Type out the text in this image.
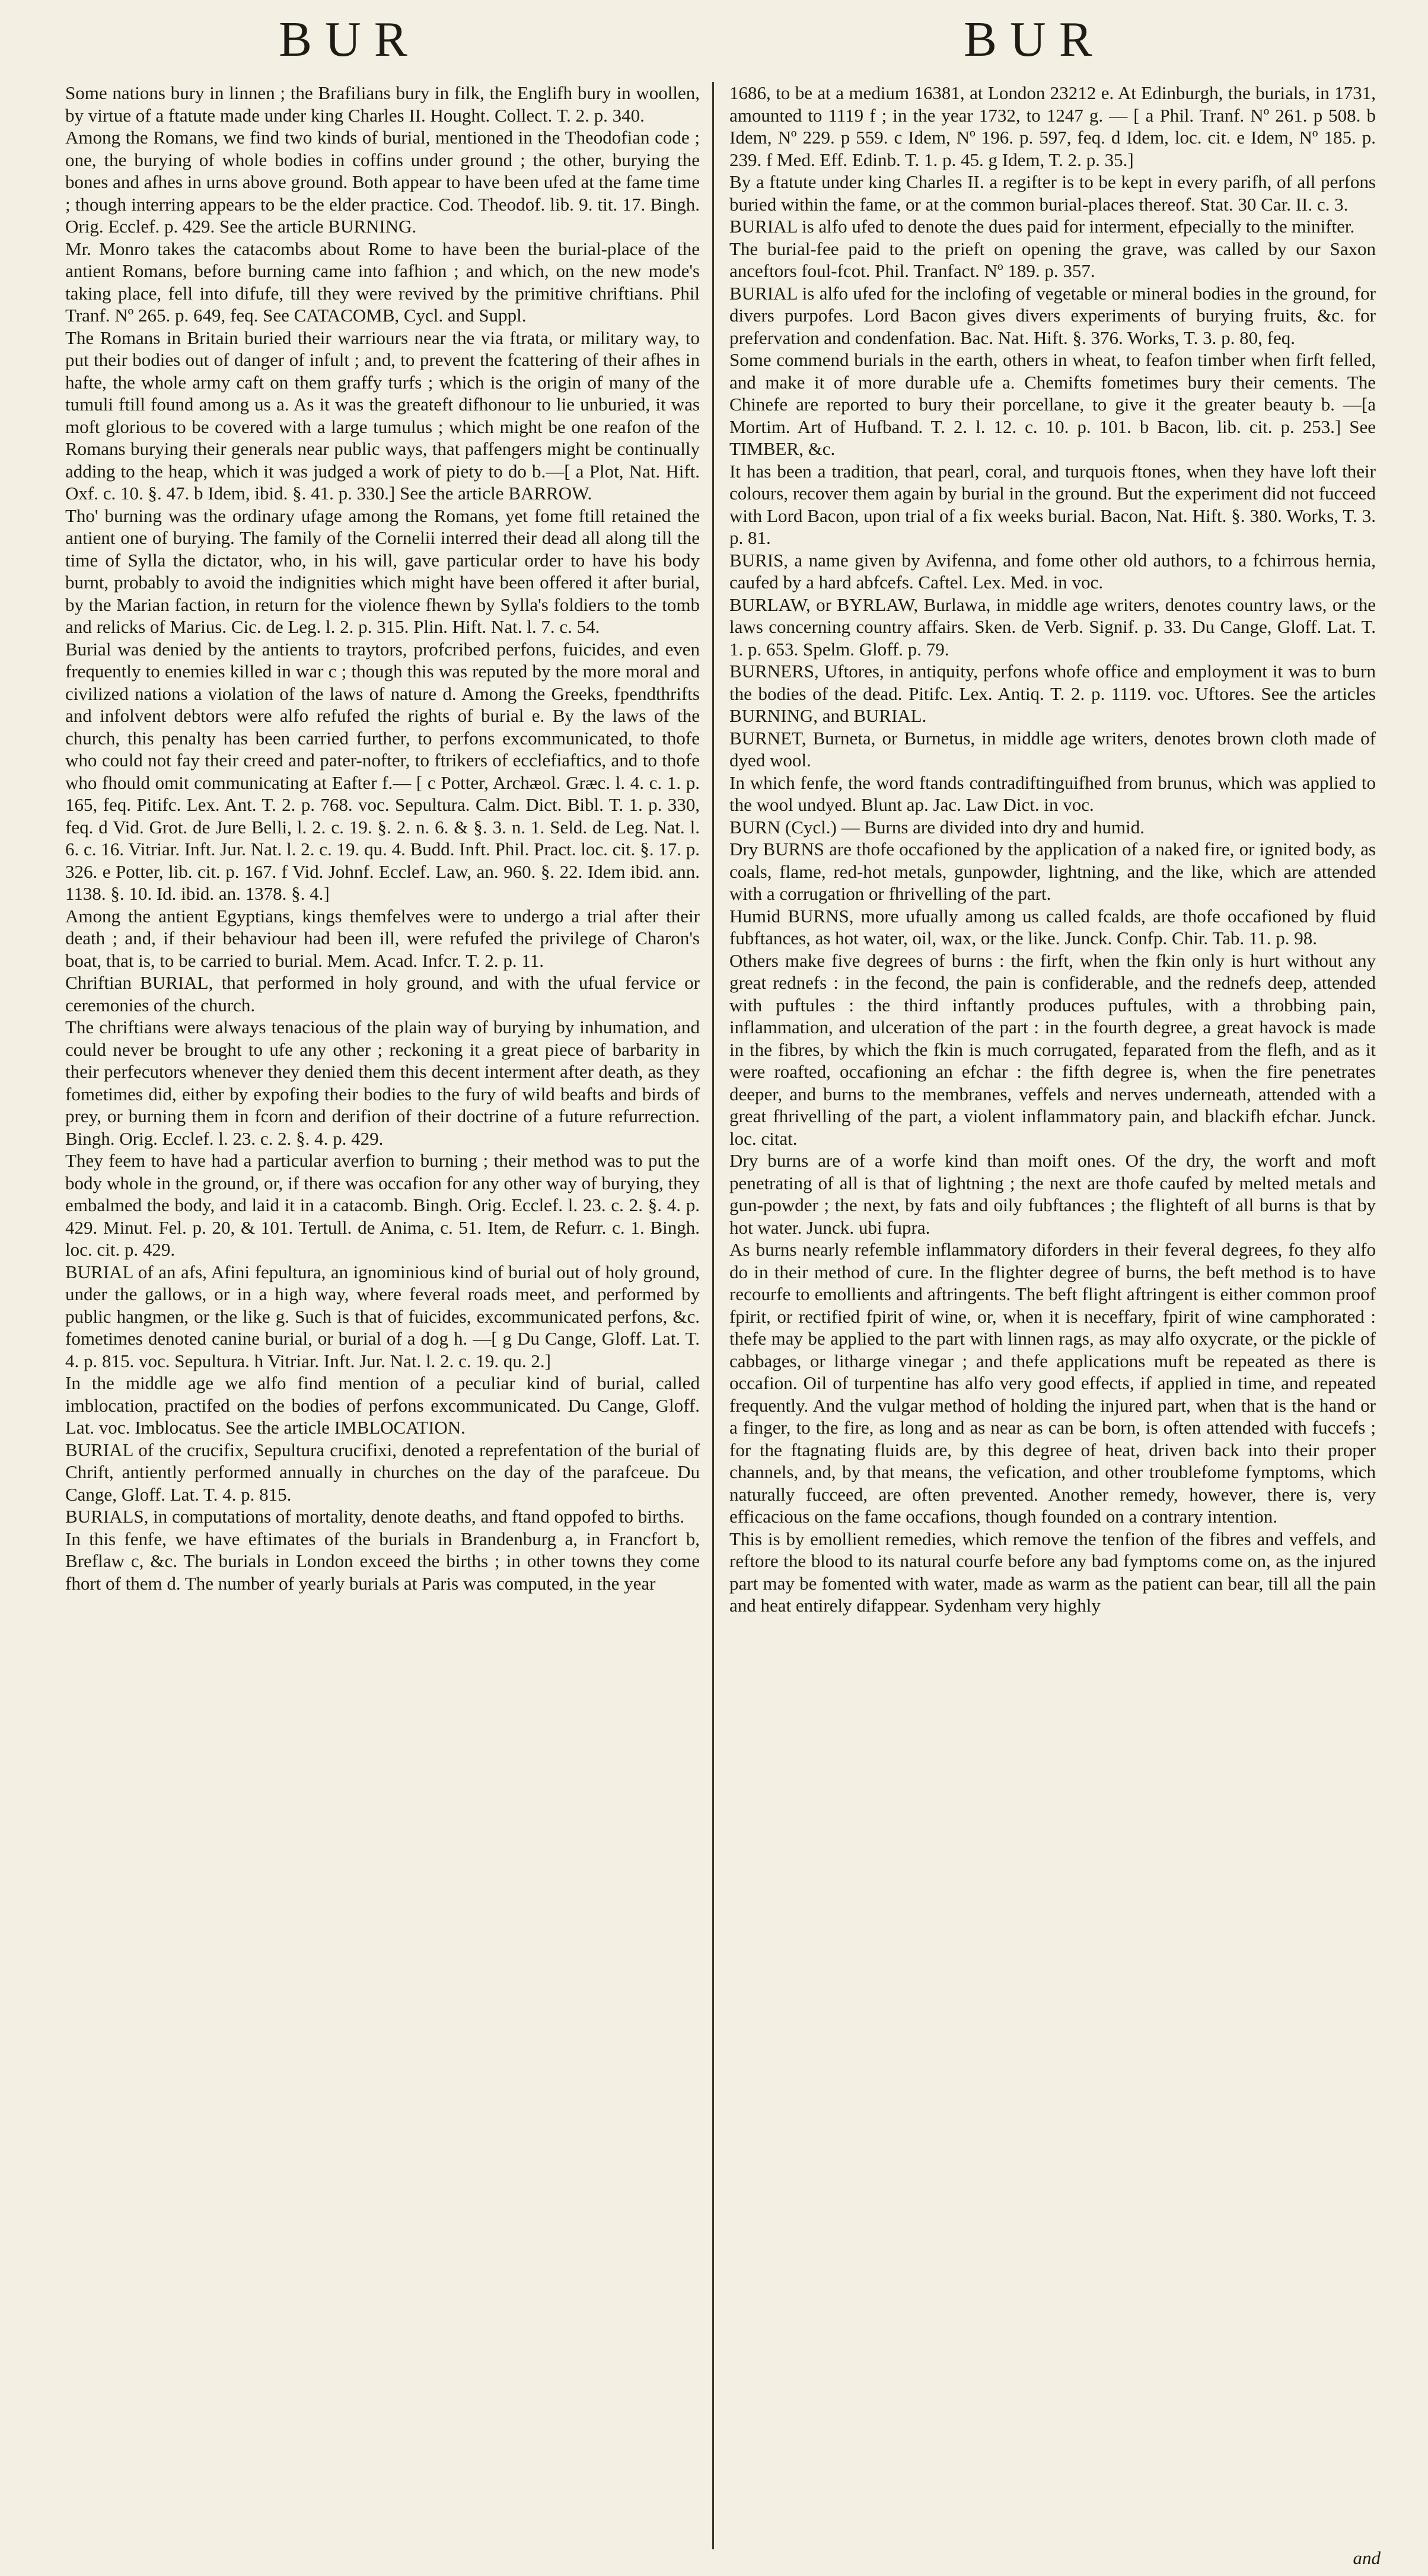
BUR	BUR

Some nations bury in linnen ; the Brafilians bury in filk, the Englifh bury in woollen, by virtue of a ftatute made under king Charles II. Hought. Collect. T. 2. p. 340.

Among the Romans, we find two kinds of burial, mentioned in the Theodofian code ; one, the burying of whole bodies in coffins under ground ; the other, burying the bones and afhes in urns above ground. Both appear to have been ufed at the fame time ; though interring appears to be the elder practice. Cod. Theodof. lib. 9. tit. 17. Bingh. Orig. Ecclef. p. 429. See the article BURNING.

Mr. Monro takes the catacombs about Rome to have been the burial-place of the antient Romans, before burning came into fafhion ; and which, on the new mode's taking place, fell into difufe, till they were revived by the primitive chriftians. Phil Tranf. Nº 265. p. 649, feq. See CATACOMB, Cycl. and Suppl.

The Romans in Britain buried their warriours near the via ftrata, or military way, to put their bodies out of danger of infult ; and, to prevent the fcattering of their afhes in hafte, the whole army caft on them graffy turfs ; which is the origin of many of the tumuli ftill found among us a. As it was the greateft difhonour to lie unburied, it was moft glorious to be covered with a large tumulus ; which might be one reafon of the Romans burying their generals near public ways, that paffengers might be continually adding to the heap, which it was judged a work of piety to do b.—[ a Plot, Nat. Hift. Oxf. c. 10. §. 47. b Idem, ibid. §. 41. p. 330.] See the article BARROW.

Tho' burning was the ordinary ufage among the Romans, yet fome ftill retained the antient one of burying. The family of the Cornelii interred their dead all along till the time of Sylla the dictator, who, in his will, gave particular order to have his body burnt, probably to avoid the indignities which might have been offered it after burial, by the Marian faction, in return for the violence fhewn by Sylla's foldiers to the tomb and relicks of Marius. Cic. de Leg. l. 2. p. 315. Plin. Hift. Nat. l. 7. c. 54.

Burial was denied by the antients to traytors, profcribed perfons, fuicides, and even frequently to enemies killed in war c ; though this was reputed by the more moral and civilized nations a violation of the laws of nature d. Among the Greeks, fpendthrifts and infolvent debtors were alfo refufed the rights of burial e. By the laws of the church, this penalty has been carried further, to perfons excommunicated, to thofe who could not fay their creed and pater-nofter, to ftrikers of ecclefiaftics, and to thofe who fhould omit communicating at Eafter f.— [ c Potter, Archæol. Græc. l. 4. c. 1. p. 165, feq. Pitifc. Lex. Ant. T. 2. p. 768. voc. Sepultura. Calm. Dict. Bibl. T. 1. p. 330, feq. d Vid. Grot. de Jure Belli, l. 2. c. 19. §. 2. n. 6. & §. 3. n. 1. Seld. de Leg. Nat. l. 6. c. 16. Vitriar. Inft. Jur. Nat. l. 2. c. 19. qu. 4. Budd. Inft. Phil. Pract. loc. cit. §. 17. p. 326. e Potter, lib. cit. p. 167. f Vid. Johnf. Ecclef. Law, an. 960. §. 22. Idem ibid. ann. 1138. §. 10. Id. ibid. an. 1378. §. 4.]

Among the antient Egyptians, kings themfelves were to undergo a trial after their death ; and, if their behaviour had been ill, were refufed the privilege of Charon's boat, that is, to be carried to burial. Mem. Acad. Infcr. T. 2. p. 11.

Chriftian BURIAL, that performed in holy ground, and with the ufual fervice or ceremonies of the church.

The chriftians were always tenacious of the plain way of burying by inhumation, and could never be brought to ufe any other ; reckoning it a great piece of barbarity in their perfecutors whenever they denied them this decent interment after death, as they fometimes did, either by expofing their bodies to the fury of wild beafts and birds of prey, or burning them in fcorn and derifion of their doctrine of a future refurrection. Bingh. Orig. Ecclef. l. 23. c. 2. §. 4. p. 429.

They feem to have had a particular averfion to burning ; their method was to put the body whole in the ground, or, if there was occafion for any other way of burying, they embalmed the body, and laid it in a catacomb. Bingh. Orig. Ecclef. l. 23. c. 2. §. 4. p. 429. Minut. Fel. p. 20, & 101. Tertull. de Anima, c. 51. Item, de Refurr. c. 1. Bingh. loc. cit. p. 429.

BURIAL of an afs, Afini fepultura, an ignominious kind of burial out of holy ground, under the gallows, or in a high way, where feveral roads meet, and performed by public hangmen, or the like g. Such is that of fuicides, excommunicated perfons, &c. fometimes denoted canine burial, or burial of a dog h. —[ g Du Cange, Gloff. Lat. T. 4. p. 815. voc. Sepultura. h Vitriar. Inft. Jur. Nat. l. 2. c. 19. qu. 2.]

In the middle age we alfo find mention of a peculiar kind of burial, called imblocation, practifed on the bodies of perfons excommunicated. Du Cange, Gloff. Lat. voc. Imblocatus. See the article IMBLOCATION.

BURIAL of the crucifix, Sepultura crucifixi, denoted a reprefentation of the burial of Chrift, antiently performed annually in churches on the day of the parafceue. Du Cange, Gloff. Lat. T. 4. p. 815.

BURIALS, in computations of mortality, denote deaths, and ftand oppofed to births.

In this fenfe, we have eftimates of the burials in Brandenburg a, in Francfort b, Breflaw c, &c. The burials in London exceed the births ; in other towns they come fhort of them d. The number of yearly burials at Paris was computed, in the year

1686, to be at a medium 16381, at London 23212 e. At Edinburgh, the burials, in 1731, amounted to 1119 f ; in the year 1732, to 1247 g. — [ a Phil. Tranf. Nº 261. p 508. b Idem, Nº 229. p 559. c Idem, Nº 196. p. 597, feq. d Idem, loc. cit. e Idem, Nº 185. p. 239. f Med. Eff. Edinb. T. 1. p. 45. g Idem, T. 2. p. 35.]

By a ftatute under king Charles II. a regifter is to be kept in every parifh, of all perfons buried within the fame, or at the common burial-places thereof. Stat. 30 Car. II. c. 3.

BURIAL is alfo ufed to denote the dues paid for interment, efpecially to the minifter.

The burial-fee paid to the prieft on opening the grave, was called by our Saxon anceftors foul-fcot. Phil. Tranfact. Nº 189. p. 357.

BURIAL is alfo ufed for the inclofing of vegetable or mineral bodies in the ground, for divers purpofes. Lord Bacon gives divers experiments of burying fruits, &c. for prefervation and condenfation. Bac. Nat. Hift. §. 376. Works, T. 3. p. 80, feq.

Some commend burials in the earth, others in wheat, to feafon timber when firft felled, and make it of more durable ufe a. Chemifts fometimes bury their cements. The Chinefe are reported to bury their porcellane, to give it the greater beauty b. —[a Mortim. Art of Hufband. T. 2. l. 12. c. 10. p. 101. b Bacon, lib. cit. p. 253.] See TIMBER, &c.

It has been a tradition, that pearl, coral, and turquois ftones, when they have loft their colours, recover them again by burial in the ground. But the experiment did not fucceed with Lord Bacon, upon trial of a fix weeks burial. Bacon, Nat. Hift. §. 380. Works, T. 3. p. 81.

BURIS, a name given by Avifenna, and fome other old authors, to a fchirrous hernia, caufed by a hard abfcefs. Caftel. Lex. Med. in voc.

BURLAW, or BYRLAW, Burlawa, in middle age writers, denotes country laws, or the laws concerning country affairs. Sken. de Verb. Signif. p. 33. Du Cange, Gloff. Lat. T. 1. p. 653. Spelm. Gloff. p. 79.

BURNERS, Uftores, in antiquity, perfons whofe office and employment it was to burn the bodies of the dead. Pitifc. Lex. Antiq. T. 2. p. 1119. voc. Uftores. See the articles BURNING, and BURIAL.

BURNET, Burneta, or Burnetus, in middle age writers, denotes brown cloth made of dyed wool.

In which fenfe, the word ftands contradiftinguifhed from brunus, which was applied to the wool undyed. Blunt ap. Jac. Law Dict. in voc.

BURN (Cycl.) — Burns are divided into dry and humid.

Dry BURNS are thofe occafioned by the application of a naked fire, or ignited body, as coals, flame, red-hot metals, gunpowder, lightning, and the like, which are attended with a corrugation or fhrivelling of the part.

Humid BURNS, more ufually among us called fcalds, are thofe occafioned by fluid fubftances, as hot water, oil, wax, or the like. Junck. Confp. Chir. Tab. 11. p. 98.

Others make five degrees of burns : the firft, when the fkin only is hurt without any great rednefs : in the fecond, the pain is confiderable, and the rednefs deep, attended with puftules : the third inftantly produces puftules, with a throbbing pain, inflammation, and ulceration of the part : in the fourth degree, a great havock is made in the fibres, by which the fkin is much corrugated, feparated from the flefh, and as it were roafted, occafioning an efchar : the fifth degree is, when the fire penetrates deeper, and burns to the membranes, veffels and nerves underneath, attended with a great fhrivelling of the part, a violent inflammatory pain, and blackifh efchar. Junck. loc. citat.

Dry burns are of a worfe kind than moift ones. Of the dry, the worft and moft penetrating of all is that of lightning ; the next are thofe caufed by melted metals and gun-powder ; the next, by fats and oily fubftances ; the flighteft of all burns is that by hot water. Junck. ubi fupra.

As burns nearly refemble inflammatory diforders in their feveral degrees, fo they alfo do in their method of cure. In the flighter degree of burns, the beft method is to have recourfe to emollients and aftringents. The beft flight aftringent is either common proof fpirit, or rectified fpirit of wine, or, when it is neceffary, fpirit of wine camphorated : thefe may be applied to the part with linnen rags, as may alfo oxycrate, or the pickle of cabbages, or litharge vinegar ; and thefe applications muft be repeated as there is occafion. Oil of turpentine has alfo very good effects, if applied in time, and repeated frequently. And the vulgar method of holding the injured part, when that is the hand or a finger, to the fire, as long and as near as can be born, is often attended with fuccefs ; for the ftagnating fluids are, by this degree of heat, driven back into their proper channels, and, by that means, the vefication, and other troublefome fymptoms, which naturally fucceed, are often prevented. Another remedy, however, there is, very efficacious on the fame occafions, though founded on a contrary intention.

This is by emollient remedies, which remove the tenfion of the fibres and veffels, and reftore the blood to its natural courfe before any bad fymptoms come on, as the injured part may be fomented with water, made as warm as the patient can bear, till all the pain and heat entirely difappear. Sydenham very highly

and
